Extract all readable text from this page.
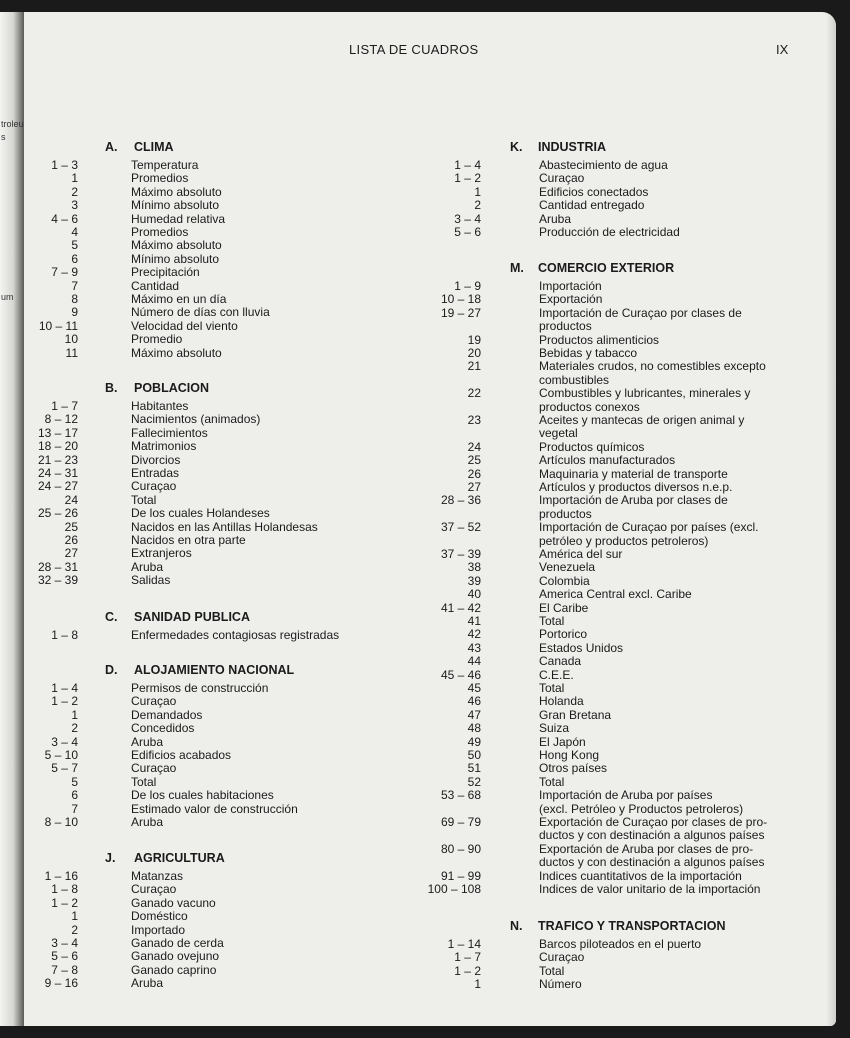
troleu
s
um
LISTA DE CUADROS	IX
A. CLIMA
1 – 3	Temperatura
1	Promedios
2	Máximo absoluto
3	Mínimo absoluto
4 – 6	Humedad relativa
4	Promedios
5	Máximo absoluto
6	Mínimo absoluto
7 – 9	Precipitación
7	Cantidad
8	Máximo en un día
9	Número de días con lluvia
10 – 11	Velocidad del viento
10	Promedio
11	Máximo absoluto
B. POBLACION
1 – 7	Habitantes
8 – 12	Nacimientos (animados)
13 – 17	Fallecimientos
18 – 20	Matrimonios
21 – 23	Divorcios
24 – 31	Entradas
24 – 27	Curaçao
24	Total
25 – 26	De los cuales Holandeses
25	Nacidos en las Antillas Holandesas
26	Nacidos en otra parte
27	Extranjeros
28 – 31	Aruba
32 – 39	Salidas
C. SANIDAD PUBLICA
1 – 8	Enfermedades contagiosas registradas
D. ALOJAMIENTO NACIONAL
1 – 4	Permisos de construcción
1 – 2	Curaçao
1	Demandados
2	Concedidos
3 – 4	Aruba
5 – 10	Edificios acabados
5 – 7	Curaçao
5	Total
6	De los cuales habitaciones
7	Estimado valor de construcción
8 – 10	Aruba
J. AGRICULTURA
1 – 16	Matanzas
1 – 8	Curaçao
1 – 2	Ganado vacuno
1	Doméstico
2	Importado
3 – 4	Ganado de cerda
5 – 6	Ganado ovejuno
7 – 8	Ganado caprino
9 – 16	Aruba
K. INDUSTRIA
1 – 4	Abastecimiento de agua
1 – 2	Curaçao
1	Edificios conectados
2	Cantidad entregado
3 – 4	Aruba
5 – 6	Producción de electricidad
M. COMERCIO EXTERIOR
1 – 9	Importación
10 – 18	Exportación
19 – 27	Importación de Curaçao por clases de
productos
19	Productos alimenticios
20	Bebidas y tabacco
21	Materiales crudos, no comestibles excepto
combustibles
22	Combustibles y lubricantes, minerales y
productos conexos
23	Aceites y mantecas de origen animal y
vegetal
24	Productos químicos
25	Artículos manufacturados
26	Maquinaria y material de transporte
27	Artículos y productos diversos n.e.p.
28 – 36	Importación de Aruba por clases de
productos
37 – 52	Importación de Curaçao por países (excl.
petróleo y productos petroleros)
37 – 39	América del sur
38	Venezuela
39	Colombia
40	America Central excl. Caribe
41 – 42	El Caribe
41	Total
42	Portorico
43	Estados Unidos
44	Canada
45 – 46	C.E.E.
45	Total
46	Holanda
47	Gran Bretana
48	Suiza
49	El Japón
50	Hong Kong
51	Otros países
52	Total
53 – 68	Importación de Aruba por países
(excl. Petróleo y Productos petroleros)
69 – 79	Exportación de Curaçao por clases de pro-
ductos y con destinación a algunos países
80 – 90	Exportación de Aruba por clases de pro-
ductos y con destinación a algunos países
91 – 99	Indices cuantitativos de la importación
100 – 108	Indices de valor unitario de la importación
N. TRAFICO Y TRANSPORTACION
1 – 14	Barcos piloteados en el puerto
1 – 7	Curaçao
1 – 2	Total
1	Número
